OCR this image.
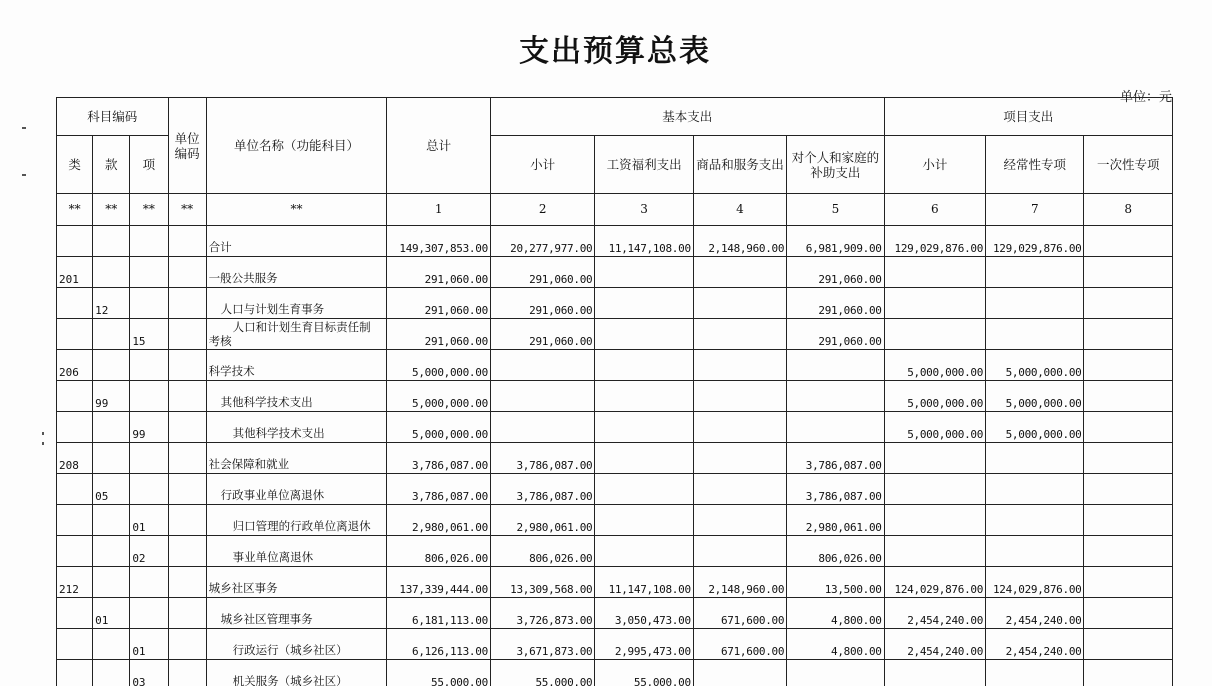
支出预算总表
单位：元
科目编码			单位编码	单位名称（功能科目）	总计	基本支出				项目支出		
类	款	项				小计	工资福利支出	商品和服务支出	对个人和家庭的补助支出	小计	经常性专项	一次性专项
**	**	**	**	**	1	2	3	4	5	6	7	8
				合计	149,307,853.00	20,277,977.00	11,147,108.00	2,148,960.00	6,981,909.00	129,029,876.00	129,029,876.00	
201				一般公共服务	291,060.00	291,060.00			291,060.00			
	12			人口与计划生育事务	291,060.00	291,060.00			291,060.00			
		15		人口和计划生育目标责任制
考核	291,060.00	291,060.00			291,060.00			
206				科学技术	5,000,000.00					5,000,000.00	5,000,000.00	
	99			其他科学技术支出	5,000,000.00					5,000,000.00	5,000,000.00	
		99		其他科学技术支出	5,000,000.00					5,000,000.00	5,000,000.00	
208				社会保障和就业	3,786,087.00	3,786,087.00			3,786,087.00			
	05			行政事业单位离退休	3,786,087.00	3,786,087.00			3,786,087.00			
		01		归口管理的行政单位离退休	2,980,061.00	2,980,061.00			2,980,061.00			
		02		事业单位离退休	806,026.00	806,026.00			806,026.00			
212				城乡社区事务	137,339,444.00	13,309,568.00	11,147,108.00	2,148,960.00	13,500.00	124,029,876.00	124,029,876.00	
	01			城乡社区管理事务	6,181,113.00	3,726,873.00	3,050,473.00	671,600.00	4,800.00	2,454,240.00	2,454,240.00	
		01		行政运行（城乡社区）	6,126,113.00	3,671,873.00	2,995,473.00	671,600.00	4,800.00	2,454,240.00	2,454,240.00	
		03		机关服务（城乡社区）	55,000.00	55,000.00	55,000.00					
